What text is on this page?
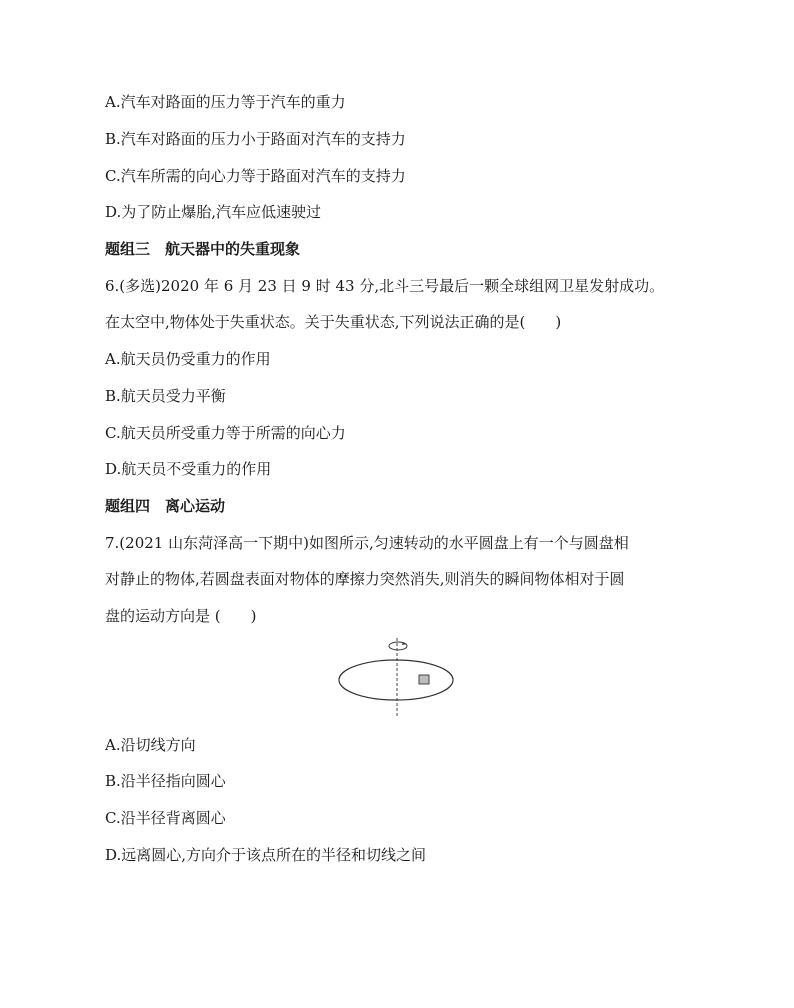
A.汽车对路面的压力等于汽车的重力
B.汽车对路面的压力小于路面对汽车的支持力
C.汽车所需的向心力等于路面对汽车的支持力
D.为了防止爆胎,汽车应低速驶过
题组三　航天器中的失重现象
6.(多选)2020 年 6 月 23 日 9 时 43 分,北斗三号最后一颗全球组网卫星发射成功。
在太空中,物体处于失重状态。关于失重状态,下列说法正确的是(　　)
A.航天员仍受重力的作用
B.航天员受力平衡
C.航天员所受重力等于所需的向心力
D.航天员不受重力的作用
题组四　离心运动
7.(2021 山东菏泽高一下期中)如图所示,匀速转动的水平圆盘上有一个与圆盘相
对静止的物体,若圆盘表面对物体的摩擦力突然消失,则消失的瞬间物体相对于圆
盘的运动方向是 (　　)
A.沿切线方向
B.沿半径指向圆心
C.沿半径背离圆心
D.远离圆心,方向介于该点所在的半径和切线之间
